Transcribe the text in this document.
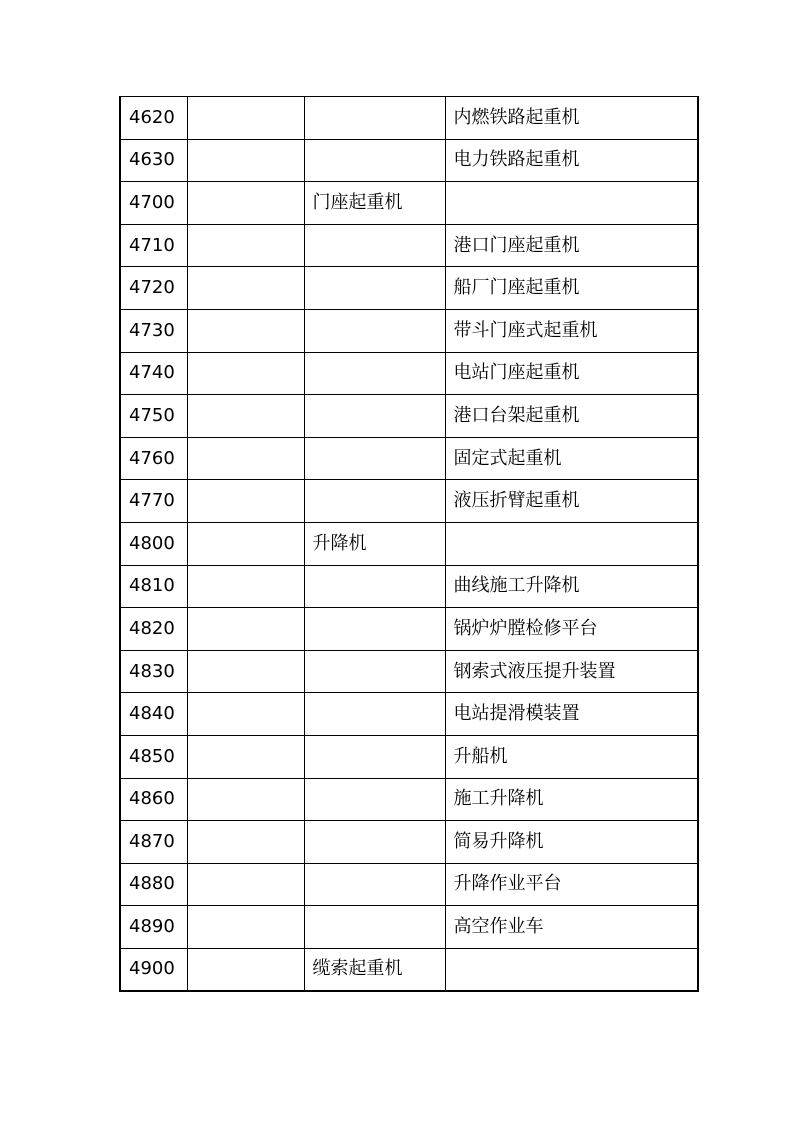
4620			内燃铁路起重机
4630			电力铁路起重机
4700		门座起重机	
4710			港口门座起重机
4720			船厂门座起重机
4730			带斗门座式起重机
4740			电站门座起重机
4750			港口台架起重机
4760			固定式起重机
4770			液压折臂起重机
4800		升降机	
4810			曲线施工升降机
4820			锅炉炉膛检修平台
4830			钢索式液压提升装置
4840			电站提滑模装置
4850			升船机
4860			施工升降机
4870			简易升降机
4880			升降作业平台
4890			高空作业车
4900		缆索起重机	
